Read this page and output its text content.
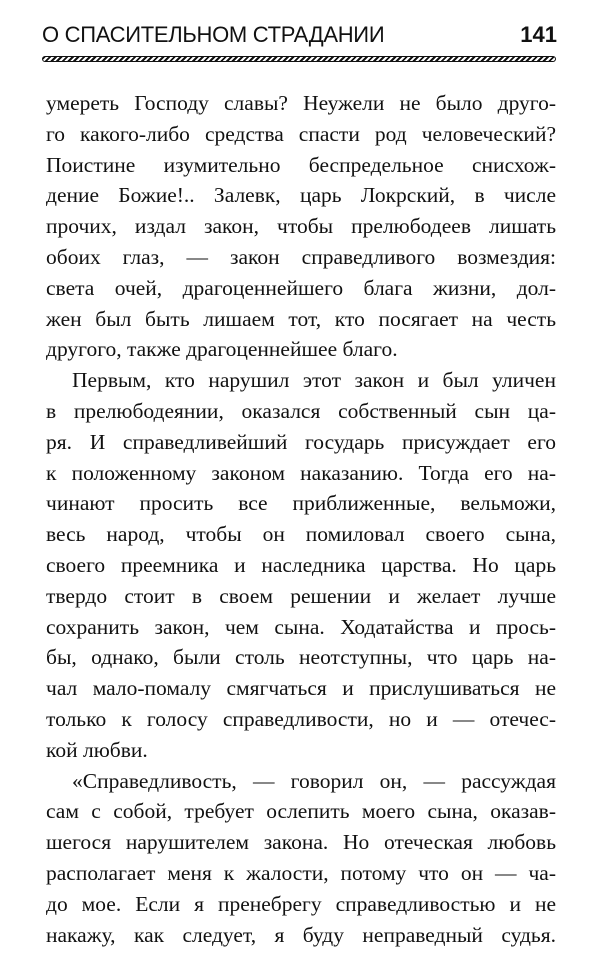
О СПАСИТЕЛЬНОМ СТРАДАНИИ	141

умереть Господу славы? Неужели не было друго-
го какого-либо средства спасти род человеческий?
Поистине изумительно беспредельное снисхож-
дение Божие!.. Залевк, царь Локрский, в числе
прочих, издал закон, чтобы прелюбодеев лишать
обоих глаз, — закон справедливого возмездия:
света очей, драгоценнейшего блага жизни, дол-
жен был быть лишаем тот, кто посягает на честь
другого, также драгоценнейшее благо.

Первым, кто нарушил этот закон и был уличен
в прелюбодеянии, оказался собственный сын ца-
ря. И справедливейший государь присуждает его
к положенному законом наказанию. Тогда его на-
чинают просить все приближенные, вельможи,
весь народ, чтобы он помиловал своего сына,
своего преемника и наследника царства. Но царь
твердо стоит в своем решении и желает лучше
сохранить закон, чем сына. Ходатайства и прось-
бы, однако, были столь неотступны, что царь на-
чал мало-помалу смягчаться и прислушиваться не
только к голосу справедливости, но и — отечес-
кой любви.

«Справедливость, — говорил он, — рассуждая
сам с собой, требует ослепить моего сына, оказав-
шегося нарушителем закона. Но отеческая любовь
располагает меня к жалости, потому что он — ча-
до мое. Если я пренебрегу справедливостью и не
накажу, как следует, я буду неправедный судья.
